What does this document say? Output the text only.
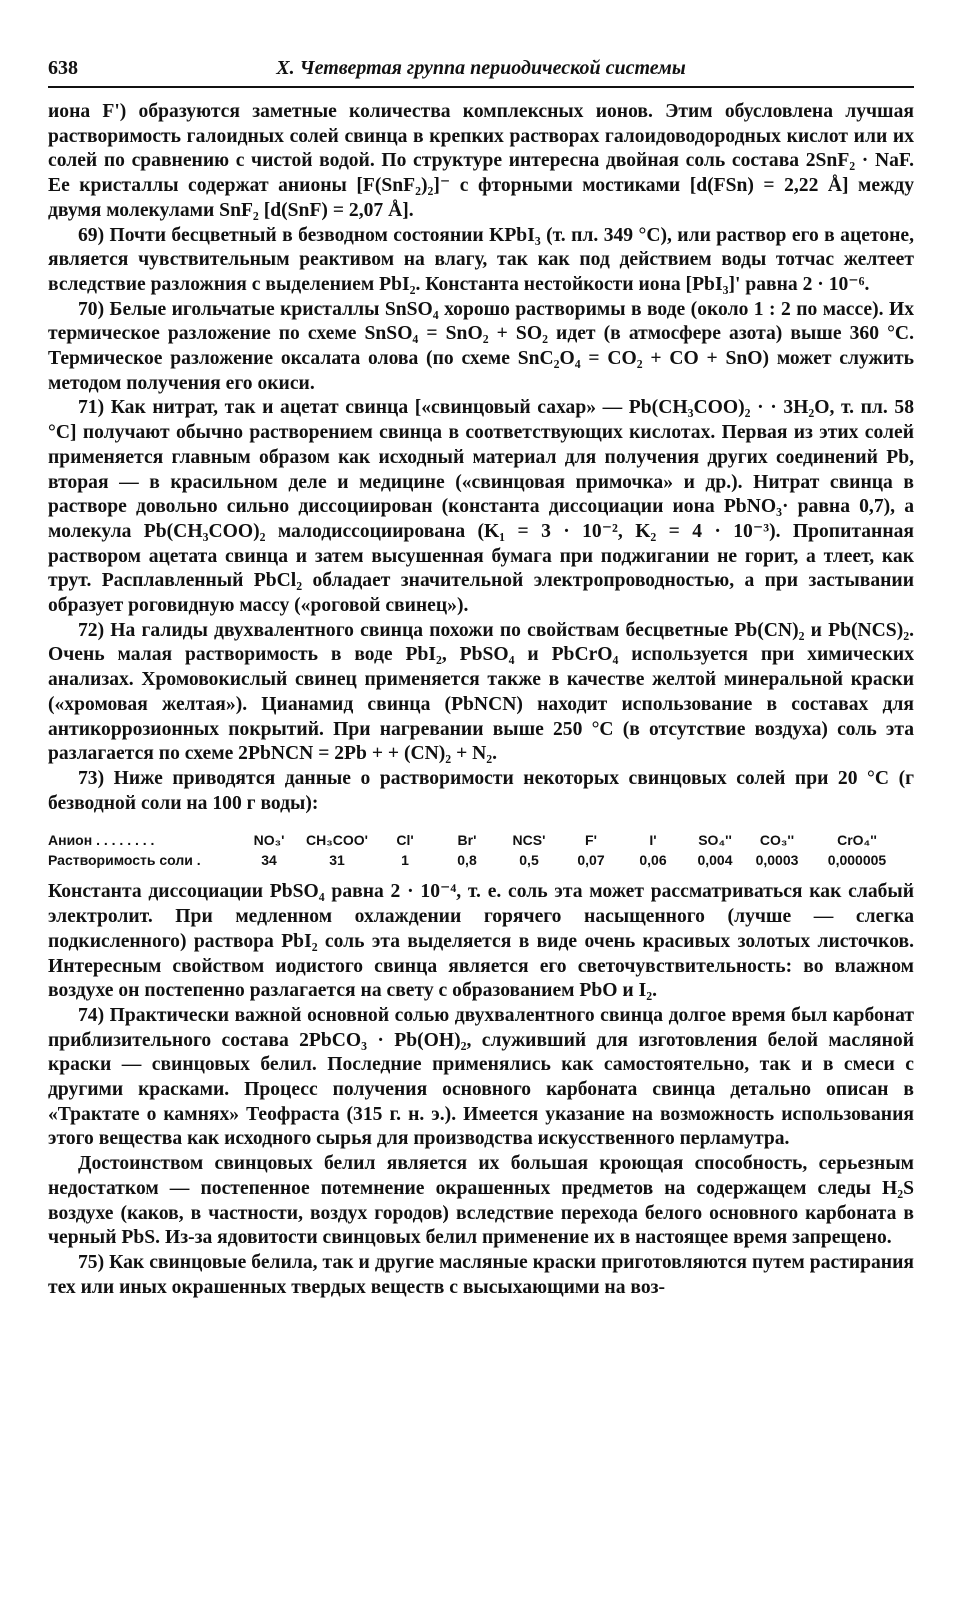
638	X. Четвертая группа периодической системы

иона F') образуются заметные количества комплексных ионов. Этим обусловлена лучшая растворимость галоидных солей свинца в крепких растворах галоидоводородных кислот или их солей по сравнению с чистой водой. По структуре интересна двойная соль состава 2SnF₂ · NaF. Ее кристаллы содержат анионы [F(SnF₂)₂]⁻ с фторными мостиками [d(FSn) = 2,22 Å] между двумя молекулами SnF₂ [d(SnF) = 2,07 Å].

69) Почти бесцветный в безводном состоянии KPbI₃ (т. пл. 349 °С), или раствор его в ацетоне, является чувствительным реактивом на влагу, так как под действием воды тотчас желтеет вследствие разложния с выделением PbI₂. Константа нестойкости иона [PbI₃]' равна 2 · 10⁻⁶.

70) Белые игольчатые кристаллы SnSO₄ хорошо растворимы в воде (около 1 : 2 по массе). Их термическое разложение по схеме SnSO₄ = SnO₂ + SO₂ идет (в атмосфере азота) выше 360 °С. Термическое разложение оксалата олова (по схеме SnC₂O₄ = CO₂ + CO + SnO) может служить методом получения его окиси.

71) Как нитрат, так и ацетат свинца [«свинцовый сахар» — Pb(CH₃COO)₂ · · 3H₂O, т. пл. 58 °С] получают обычно растворением свинца в соответствующих кислотах. Первая из этих солей применяется главным образом как исходный материал для получения других соединений Pb, вторая — в красильном деле и медицине («свинцовая примочка» и др.). Нитрат свинца в растворе довольно сильно диссоциирован (константа диссоциации иона PbNO₃· равна 0,7), а молекула Pb(CH₃COO)₂ малодиссоциирована (K₁ = 3 · 10⁻², K₂ = 4 · 10⁻³). Пропитанная раствором ацетата свинца и затем высушенная бумага при поджигании не горит, а тлеет, как трут. Расплавленный PbCl₂ обладает значительной электропроводностью, а при застывании образует роговидную массу («роговой свинец»).

72) На галиды двухвалентного свинца похожи по свойствам бесцветные Pb(CN)₂ и Pb(NCS)₂. Очень малая растворимость в воде PbI₂, PbSO₄ и PbCrO₄ используется при химических анализах. Хромовокислый свинец применяется также в качестве желтой минеральной краски («хромовая желтая»). Цианамид свинца (PbNCN) находит использование в составах для антикоррозионных покрытий. При нагревании выше 250 °С (в отсутствие воздуха) соль эта разлагается по схеме 2PbNCN = 2Pb + + (CN)₂ + N₂.

73) Ниже приводятся данные о растворимости некоторых свинцовых солей при 20 °С (г безводной соли на 100 г воды):

Анион . . . . . . . .	NO₃'	CH₃COO'	Cl'	Br'	NCS'	F'	I'	SO₄''	CO₃''	CrO₄''
Растворимость соли .	34	31	1	0,8	0,5	0,07	0,06	0,004	0,0003	0,000005

Константа диссоциации PbSO₄ равна 2 · 10⁻⁴, т. е. соль эта может рассматриваться как слабый электролит. При медленном охлаждении горячего насыщенного (лучше — слегка подкисленного) раствора PbI₂ соль эта выделяется в виде очень красивых золотых листочков. Интересным свойством иодистого свинца является его светочувствительность: во влажном воздухе он постепенно разлагается на свету с образованием PbO и I₂.

74) Практически важной основной солью двухвалентного свинца долгое время был карбонат приблизительного состава 2PbCO₃ · Pb(OH)₂, служивший для изготовления белой масляной краски — свинцовых белил. Последние применялись как самостоятельно, так и в смеси с другими красками. Процесс получения основного карбоната свинца детально описан в «Трактате о камнях» Теофраста (315 г. н. э.). Имеется указание на возможность использования этого вещества как исходного сырья для производства искусственного перламутра.

Достоинством свинцовых белил является их большая кроющая способность, серьезным недостатком — постепенное потемнение окрашенных предметов на содержащем следы H₂S воздухе (каков, в частности, воздух городов) вследствие перехода белого основного карбоната в черный PbS. Из-за ядовитости свинцовых белил применение их в настоящее время запрещено.

75) Как свинцовые белила, так и другие масляные краски приготовляются путем растирания тех или иных окрашенных твердых веществ с высыхающими на воз-
